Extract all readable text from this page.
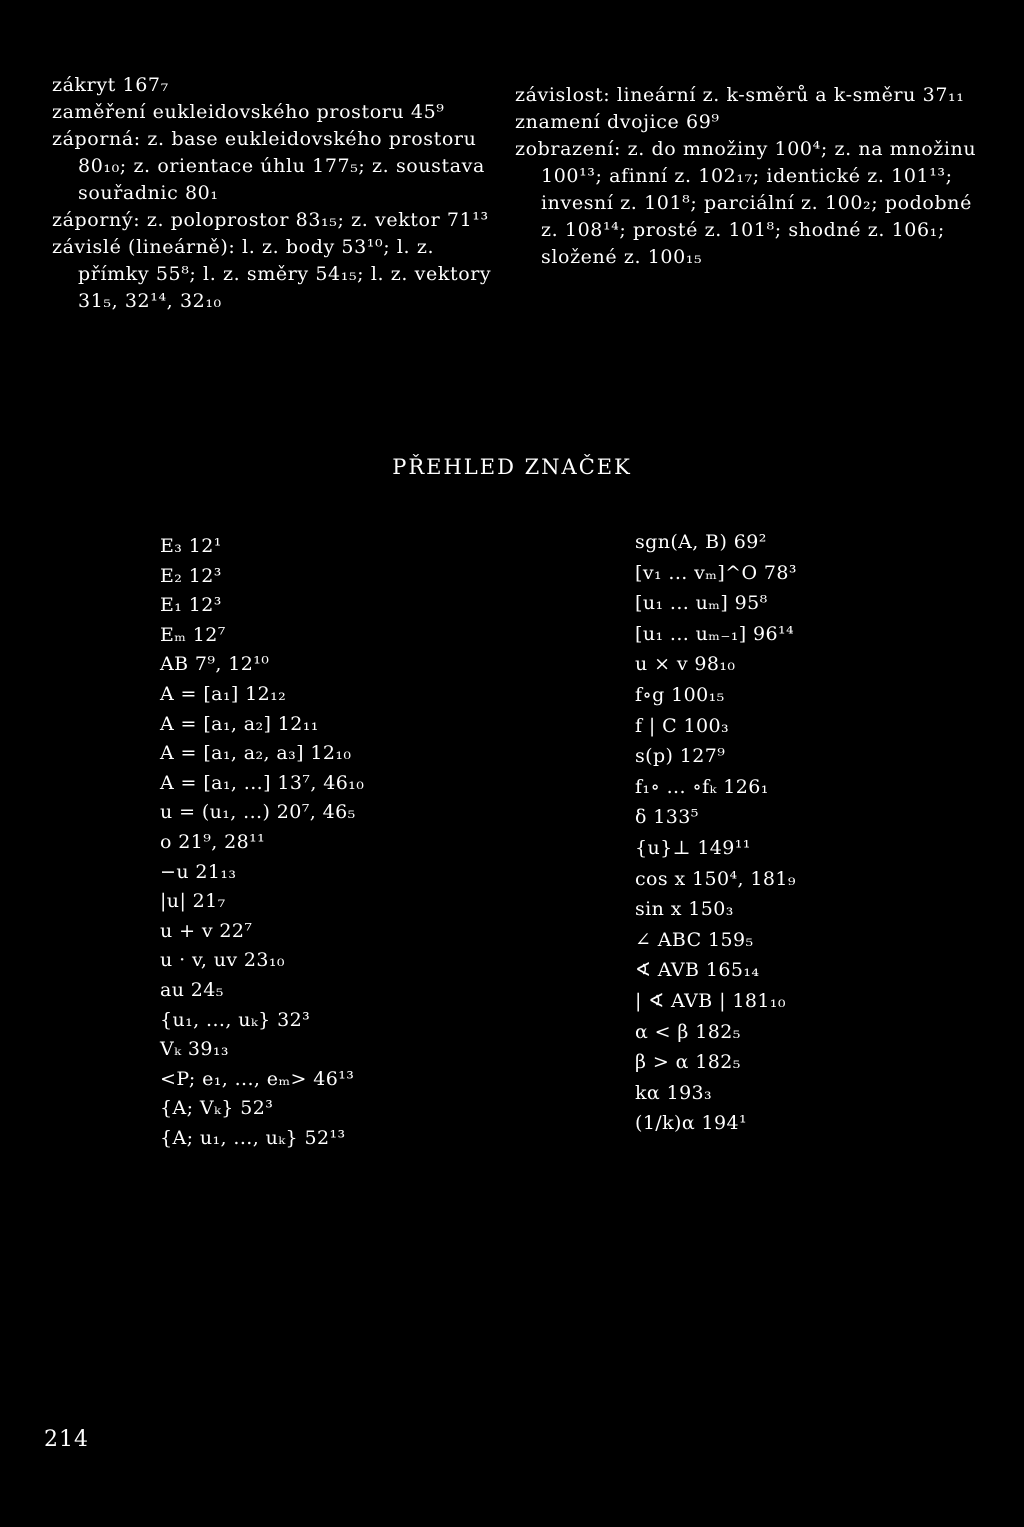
zákryt 167₇
zaměření eukleidovského prostoru 45⁹
záporná: z. base eukleidovského prostoru 80₁₀; z. orientace úhlu 177₅; z. soustava souřadnic 80₁
záporný: z. poloprostor 83₁₅; z. vektor 71¹³
závislé (lineárně): l. z. body 53¹⁰; l. z. přímky 55⁸; l. z. směry 54₁₅; l. z. vektory 31₅, 32¹⁴, 32₁₀
závislost: lineární z. k-směrů a k-směru 37₁₁
znamení dvojice 69⁹
zobrazení: z. do množiny 100⁴; z. na množinu 100¹³; afinní z. 102₁₇; identické z. 101¹³; invesní z. 101⁸; parciální z. 100₂; podobné z. 108¹⁴; prosté z. 101⁸; shodné z. 106₁; složené z. 100₁₅
PŘEHLED ZNAČEK
E₃ 12¹
E₂ 12³
E₁ 12³
Eₘ 12⁷
AB 7⁹, 12¹⁰
A = [a₁] 12₁₂
A = [a₁, a₂] 12₁₁
A = [a₁, a₂, a₃] 12₁₀
A = [a₁, ...] 13⁷, 46₁₀
u = (u₁, ...) 20⁷, 46₅
o 21⁹, 28¹¹
−u 21₁₃
|u| 21₇
u + v 22⁷
u · v, uv 23₁₀
au 24₅
{u₁, ..., uₖ} 32³
Vₖ 39₁₃
<P; e₁, ..., eₘ> 46¹³
{A; Vₖ} 52³
{A; u₁, ..., uₖ} 52¹³
sgn(A, B) 69²
[v₁ ... vₘ]^O 78³
[u₁ ... uₘ] 95⁸
[u₁ ... uₘ₋₁] 96¹⁴
u × v 98₁₀
f∘g 100₁₅
f | C 100₃
s(p) 127⁹
f₁∘ ... ∘fₖ 126₁
δ 133⁵
{u}⊥ 149¹¹
cos x 150⁴, 181₉
sin x 150₃
∠ ABC 159₅
∢ AVB 165₁₄
| ∢ AVB | 181₁₀
α < β 182₅
β > α 182₅
kα 193₃
(1/k)α 194¹
214
